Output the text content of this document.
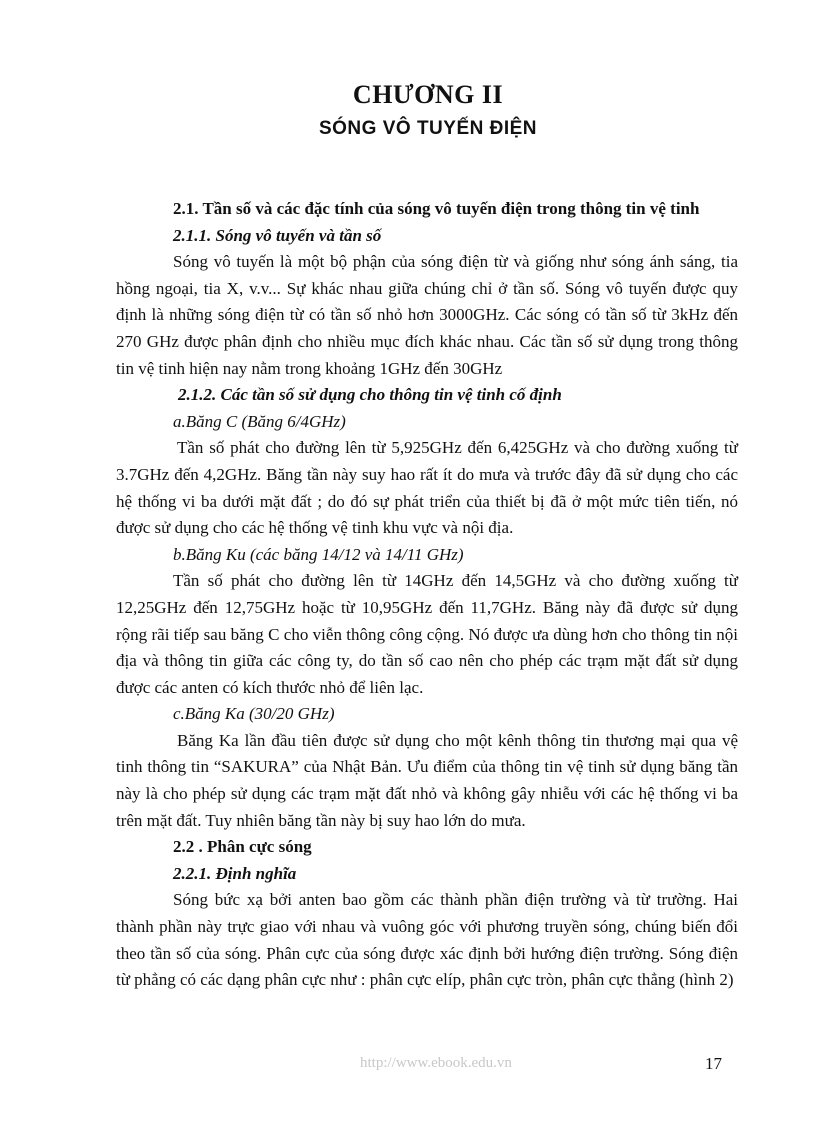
CHƯƠNG II
SÓNG VÔ TUYẾN ĐIỆN

2.1. Tần số và các đặc tính của sóng vô tuyến điện trong thông tin vệ tinh

2.1.1. Sóng vô tuyến và tần số

Sóng vô tuyến là một bộ phận của sóng điện từ và giống như sóng ánh sáng, tia hồng ngoại, tia X, v.v... Sự khác nhau giữa chúng chỉ ở tần số. Sóng vô tuyến được quy định là những sóng điện từ có tần số nhỏ hơn 3000GHz. Các sóng có tần số từ 3kHz đến 270 GHz được phân định cho nhiều mục đích khác nhau. Các tần số sử dụng trong thông tin vệ tinh hiện nay nằm trong khoảng 1GHz đến 30GHz

2.1.2. Các tần số sử dụng cho thông tin vệ tinh cố định

a.Băng C (Băng 6/4GHz)

Tần số phát cho đường lên từ 5,925GHz đến 6,425GHz và cho đường xuống từ 3.7GHz đến 4,2GHz. Băng tần này suy hao rất ít do mưa và trước đây đã sử dụng cho các hệ thống vi ba dưới mặt đất ; do đó sự phát triển của thiết bị đã ở một mức tiên tiến, nó được sử dụng cho các hệ thống vệ tinh khu vực và nội địa.

b.Băng Ku (các băng 14/12 và 14/11 GHz)

Tần số phát cho đường lên từ 14GHz đến 14,5GHz và cho đường xuống từ 12,25GHz đến 12,75GHz hoặc từ 10,95GHz đến 11,7GHz. Băng này đã được sử dụng rộng rãi tiếp sau băng C cho viễn thông công cộng. Nó được ưa dùng hơn cho thông tin nội địa và thông tin giữa các công ty, do tần số cao nên cho phép các trạm mặt đất sử dụng được các anten có kích thước nhỏ để liên lạc.

c.Băng Ka (30/20 GHz)

Băng Ka lần đầu tiên được sử dụng cho một kênh thông tin thương mại qua vệ tinh thông tin “SAKURA” của Nhật Bản. Ưu điểm của thông tin vệ tinh sử dụng băng tần này là cho phép sử dụng các trạm mặt đất nhỏ và không gây nhiễu với các hệ thống vi ba trên mặt đất. Tuy nhiên băng tần này bị suy hao lớn do mưa.

2.2 . Phân cực sóng

2.2.1. Định nghĩa

Sóng bức xạ bởi anten bao gồm các thành phần điện trường và từ trường. Hai thành phần này trực giao với nhau và vuông góc với phương truyền sóng, chúng biến đổi theo tần số của sóng. Phân cực của sóng được xác định bởi hướng điện trường. Sóng điện từ phẳng có các dạng phân cực như : phân cực elíp, phân cực tròn, phân cực thẳng (hình 2)

http://www.ebook.edu.vn	17
